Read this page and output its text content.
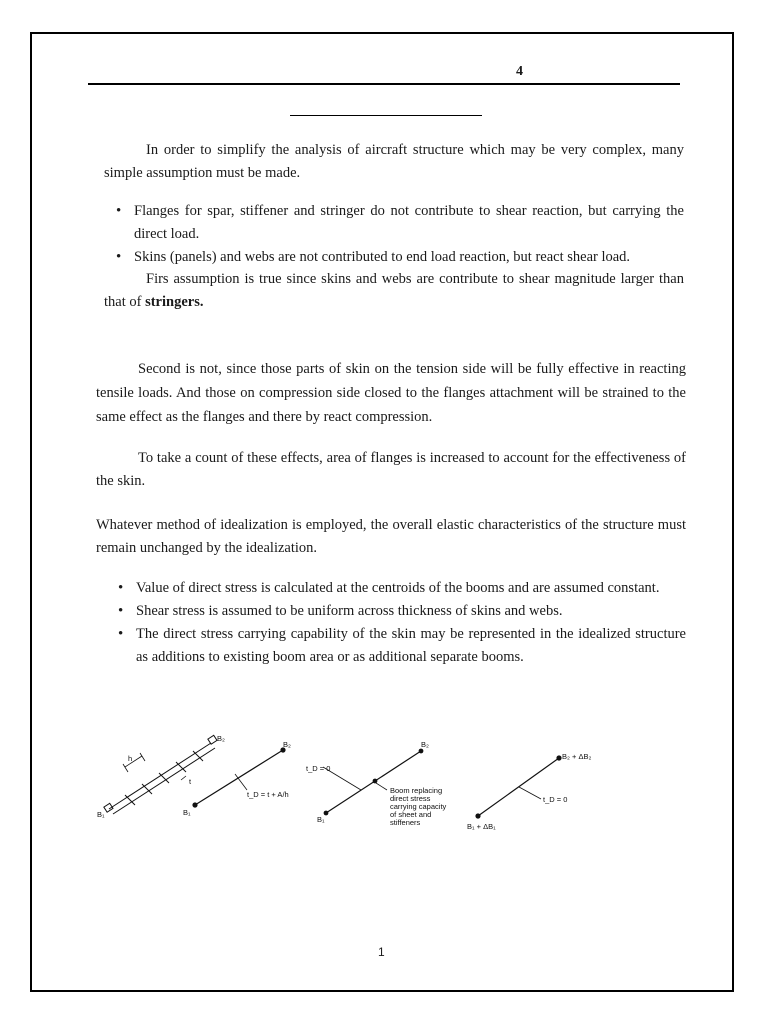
4

In order to simplify the analysis of aircraft structure which may be very complex, many simple assumption must be made.

• Flanges for spar, stiffener and stringer do not contribute to shear reaction, but carrying the direct load.
• Skins (panels) and webs are not contributed to end load reaction, but react shear load.

Firs assumption is true since skins and webs are contribute to shear magnitude larger than that of stringers.

Second is not, since those parts of skin on the tension side will be fully effective in reacting tensile loads. And those on compression side closed to the flanges attachment will be strained to the same effect as the flanges and there by react compression.

To take a count of these effects, area of flanges is increased to account for the effectiveness of the skin.

Whatever method of idealization is employed, the overall elastic characteristics of the structure must remain unchanged by the idealization.

• Value of direct stress is calculated at the centroids of the booms and are assumed constant.
• Shear stress is assumed to be uniform across thickness of skins and webs.
• The direct stress carrying capability of the skin may be represented in the idealized structure as additions to existing boom area or as additional separate booms.
h
t
B₁
B₂
B₁
B₂
t_D = t + A/h
t_D = 0
B₁
B₂
Boom replacing
direct stress
carrying capacity
of sheet and
stiffeners
t_D = 0
B₁ + ΔB₁
B₂ + ΔB₂
1
